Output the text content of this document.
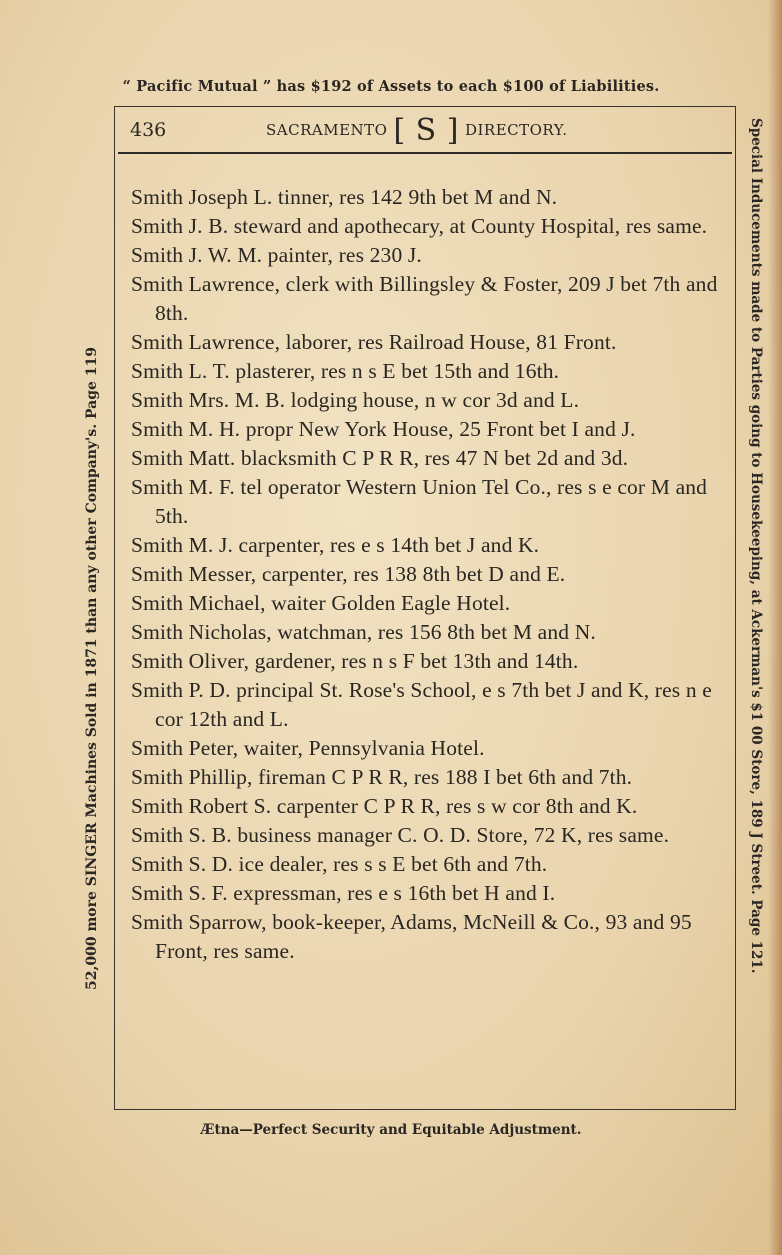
“ Pacific Mutual ” has $192 of Assets to each $100 of Liabilities.
52,000 more SINGER Machines Sold in 1871 than any other Company's. Page 119	Special Inducements made to Parties going to Housekeeping, at Ackerman's $1 00 Store, 189 J Street. Page 121.
436	SACRAMENTO [ S ] DIRECTORY.
Smith Joseph L. tinner, res 142 9th bet M and N.
Smith J. B. steward and apothecary, at County Hospital, res same.
Smith J. W. M. painter, res 230 J.
Smith Lawrence, clerk with Billingsley & Foster, 209 J bet 7th and 8th.
Smith Lawrence, laborer, res Railroad House, 81 Front.
Smith L. T. plasterer, res n s E bet 15th and 16th.
Smith Mrs. M. B. lodging house, n w cor 3d and L.
Smith M. H. propr New York House, 25 Front bet I and J.
Smith Matt. blacksmith C P R R, res 47 N bet 2d and 3d.
Smith M. F. tel operator Western Union Tel Co., res s e cor M and 5th.
Smith M. J. carpenter, res e s 14th bet J and K.
Smith Messer, carpenter, res 138 8th bet D and E.
Smith Michael, waiter Golden Eagle Hotel.
Smith Nicholas, watchman, res 156 8th bet M and N.
Smith Oliver, gardener, res n s F bet 13th and 14th.
Smith P. D. principal St. Rose's School, e s 7th bet J and K, res n e cor 12th and L.
Smith Peter, waiter, Pennsylvania Hotel.
Smith Phillip, fireman C P R R, res 188 I bet 6th and 7th.
Smith Robert S. carpenter C P R R, res s w cor 8th and K.
Smith S. B. business manager C. O. D. Store, 72 K, res same.
Smith S. D. ice dealer, res s s E bet 6th and 7th.
Smith S. F. expressman, res e s 16th bet H and I.
Smith Sparrow, book-keeper, Adams, McNeill & Co., 93 and 95 Front, res same.
Ætna—Perfect Security and Equitable Adjustment.
